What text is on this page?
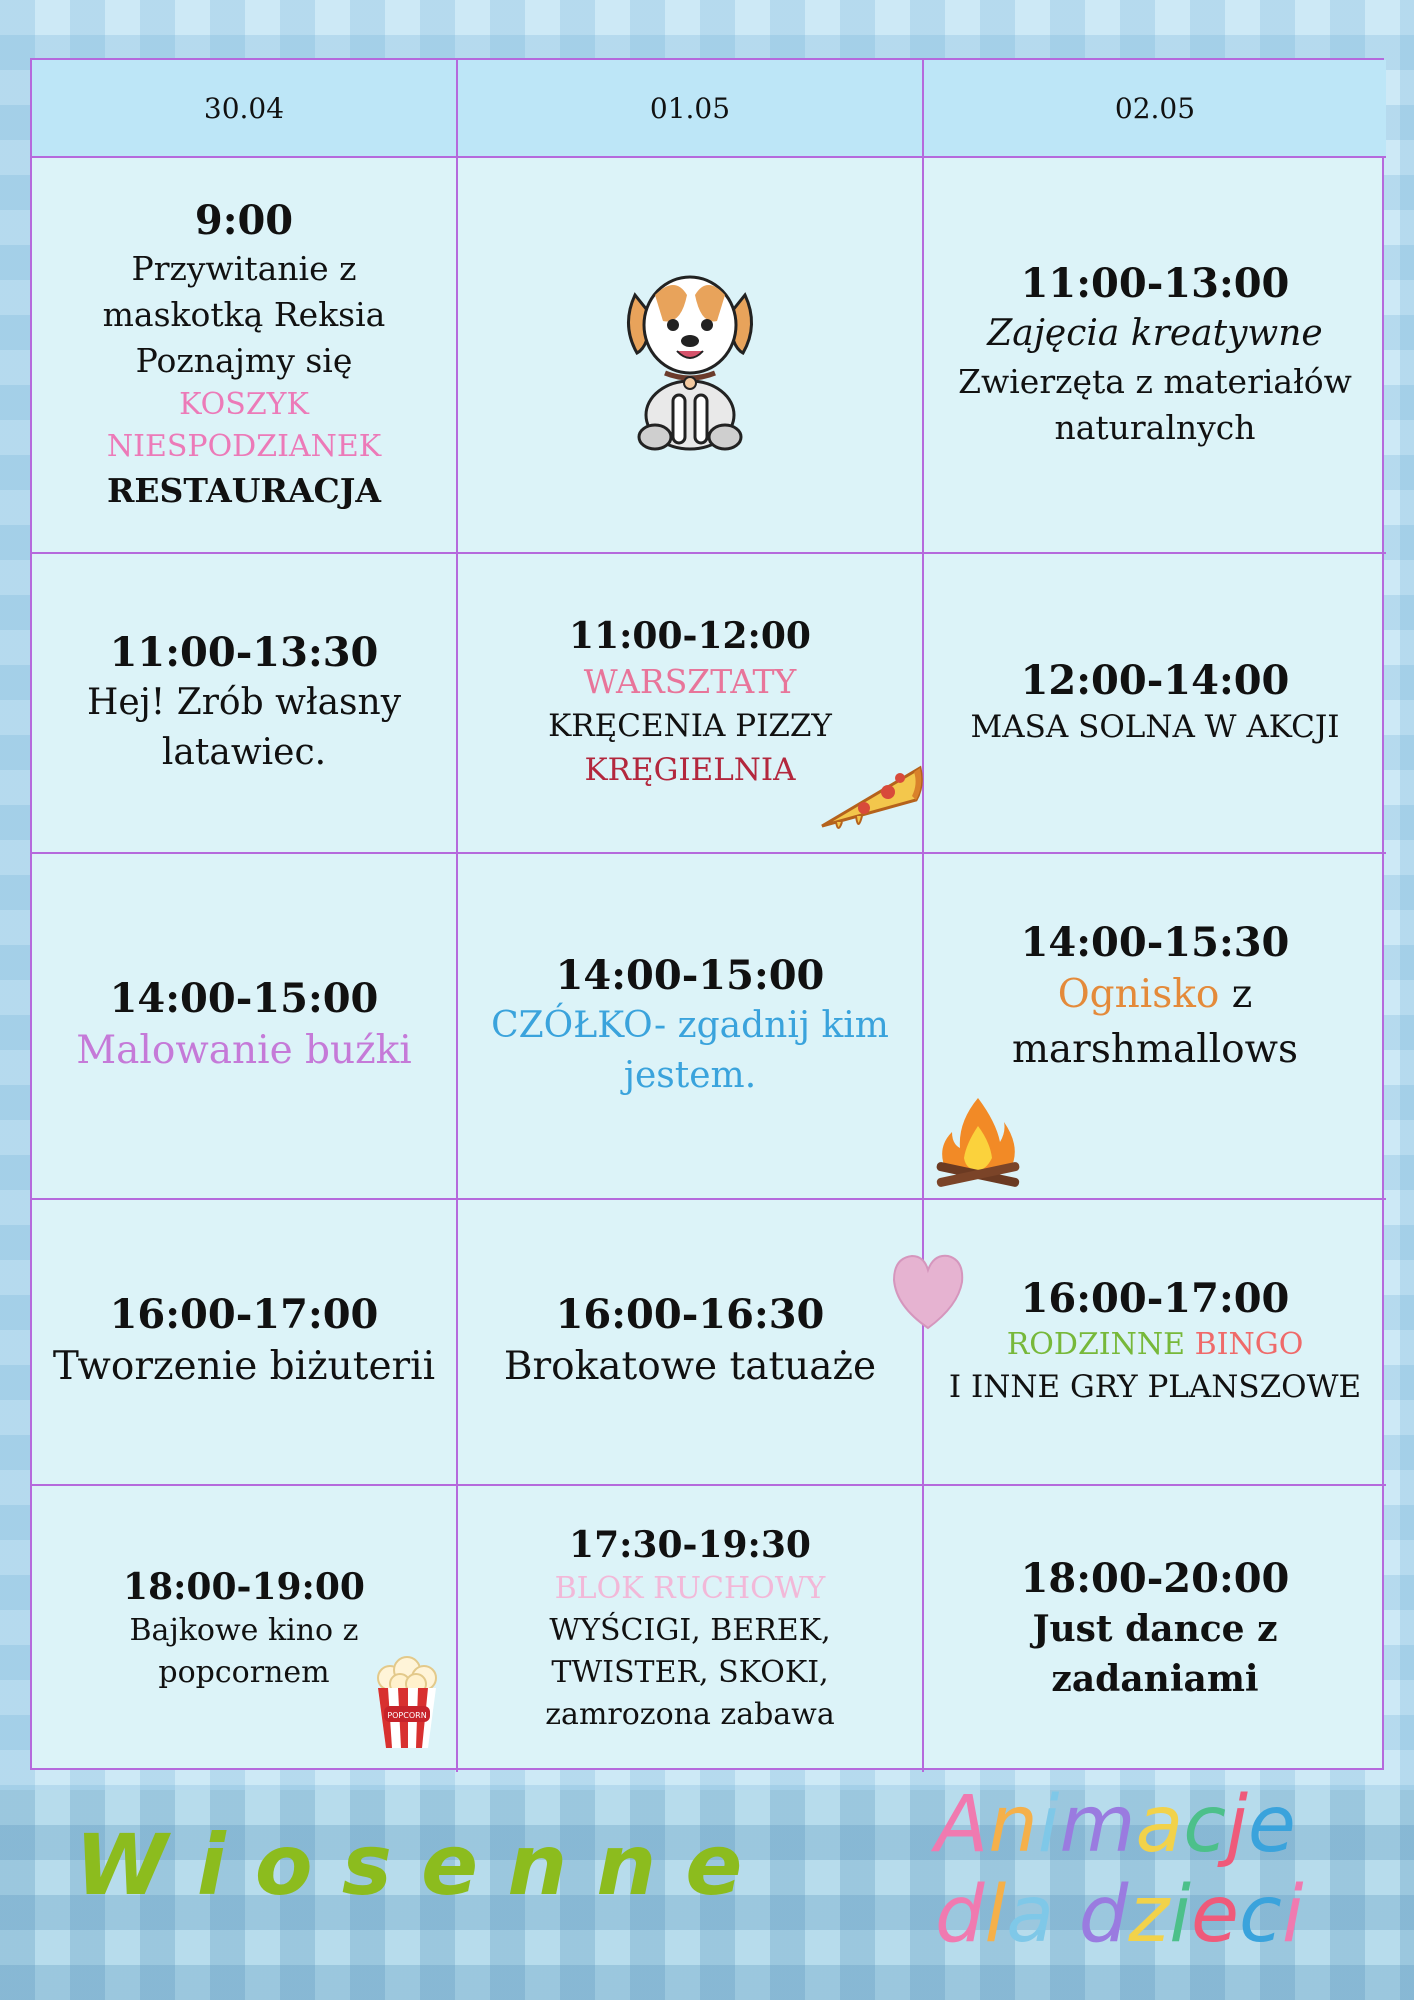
30.04	01.05	02.05
9:00
Przywitanie z
maskotką Reksia
Poznajmy się
KOSZYK
NIESPODZIANEK
RESTAURACJA
11:00-13:00
Zajęcia kreatywne
Zwierzęta z materiałów
naturalnych
11:00-13:30
Hej! Zrób własny
latawiec.
11:00-12:00
WARSZTATY
KRĘCENIA PIZZY
KRĘGIELNIA
12:00-14:00
MASA SOLNA W AKCJI
14:00-15:00
Malowanie buźki
14:00-15:00
CZÓŁKO- zgadnij kim
jestem.
14:00-15:30
Ognisko z
marshmallows
16:00-17:00
Tworzenie biżuterii
16:00-16:30
Brokatowe tatuaże
16:00-17:00
RODZINNE BINGO
I INNE GRY PLANSZOWE
18:00-19:00
Bajkowe kino z
popcornem
POPCORN
17:30-19:30
BLOK RUCHOWY
WYŚCIGI, BEREK,
TWISTER, SKOKI,
zamrozona zabawa
18:00-20:00
Just dance z
zadaniami
W i o s e n n e Animacje
dla dzieci
